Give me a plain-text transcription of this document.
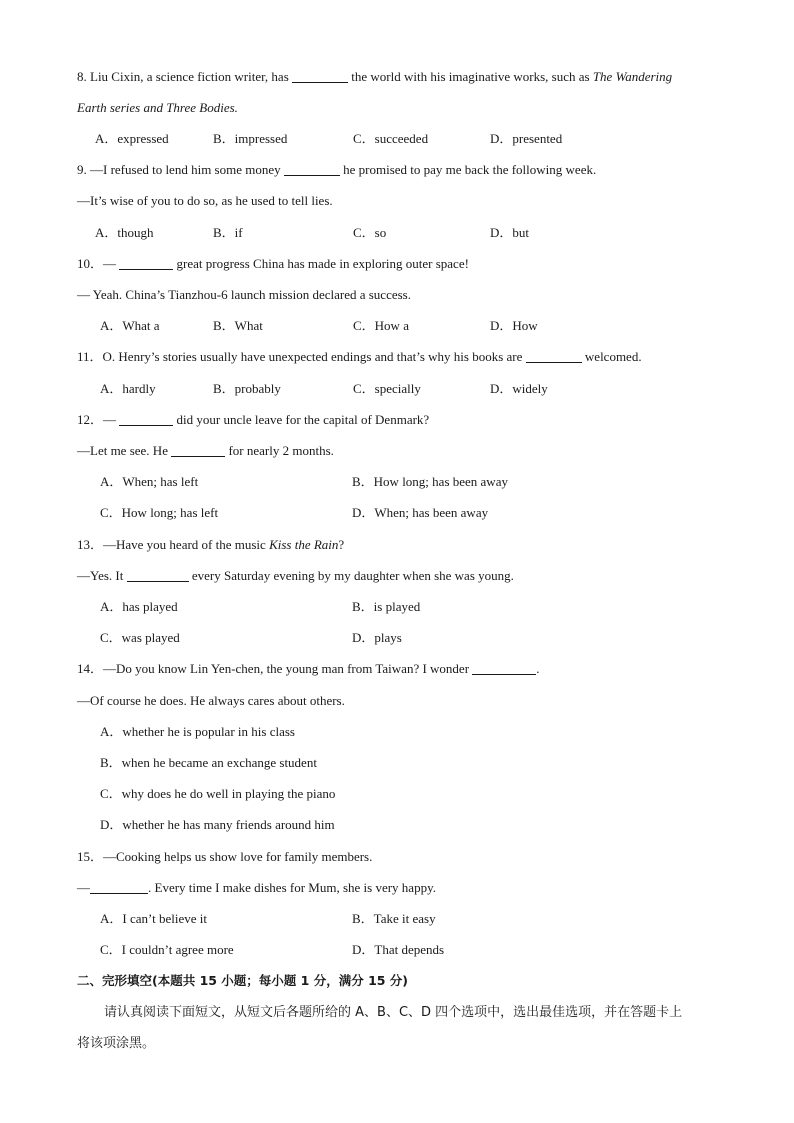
8. Liu Cixin, a science fiction writer, has	the world with his imaginative works, such as The Wandering
Earth series and Three Bodies.
A．expressed	B．impressed	C．succeeded	D．presented
9. —I refused to lend him some money	he promised to pay me back the following week.
—It’s wise of you to do so, as he used to tell lies.
A．though	B．if	C．so	D．but
10．—	great progress China has made in exploring outer space!
— Yeah. China’s Tianzhou-6 launch mission declared a success.
A．What a	B．What	C．How a	D．How
11．O. Henry’s stories usually have unexpected endings and that’s why his books are	welcomed.
A．hardly	B．probably	C．specially	D．widely
12．—	did your uncle leave for the capital of Denmark?
—Let me see. He	for nearly 2 months.
A．When; has left	B．How long; has been away
C．How long; has left	D．When; has been away
13．—Have you heard of the music Kiss the Rain?
—Yes. It	every Saturday evening by my daughter when she was young.
A．has played	B．is played
C．was played	D．plays
14．—Do you know Lin Yen-chen, the young man from Taiwan? I wonder	.
—Of course he does. He always cares about others.
A．whether he is popular in his class
B．when he became an exchange student
C．why does he do well in playing the piano
D．whether he has many friends around him
15．—Cooking helps us show love for family members.
—	. Every time I make dishes for Mum, she is very happy.
A．I can’t believe it	B．Take it easy
C．I couldn’t agree more	D．That depends
二、完形填空(本题共 15 小题；每小题 1 分，满分 15 分)
请认真阅读下面短文，从短文后各题所给的 A、B、C、D 四个选项中，选出最佳选项，并在答题卡上
将该项涂黑。
